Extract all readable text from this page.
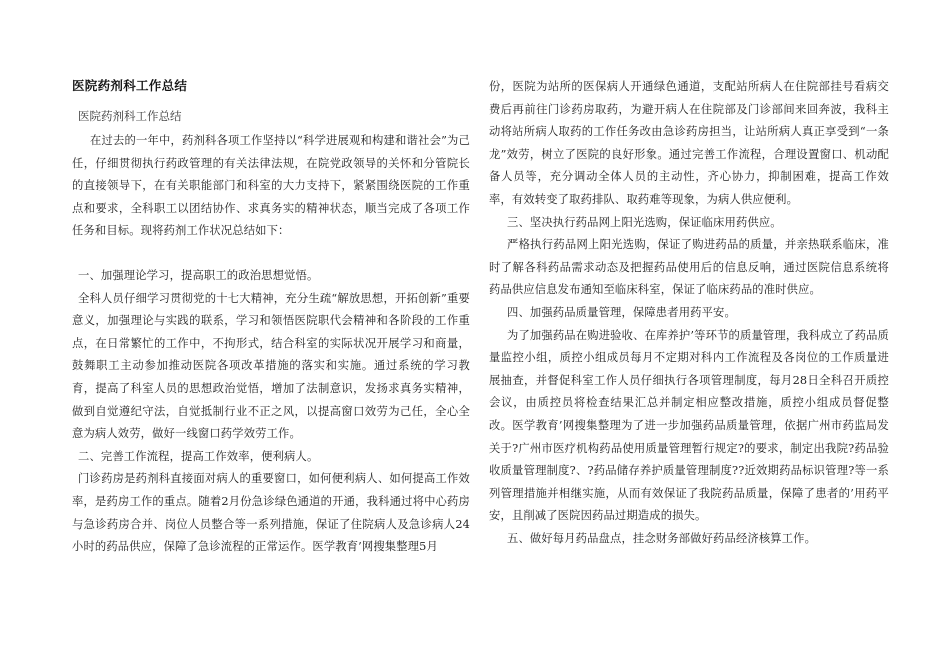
医院药剂科工作总结
医院药剂科工作总结

在过去的一年中，药剂科各项工作坚持以“科学进展观和构建和谐社会”为己任，仔细贯彻执行药政管理的有关法律法规，在院党政领导的关怀和分管院长的直接领导下，在有关职能部门和科室的大力支持下，紧紧围绕医院的工作重点和要求，全科职工以团结协作、求真务实的精神状态，顺当完成了各项工作任务和目标。现将药剂工作状况总结如下：

一、加强理论学习，提高职工的政治思想觉悟。

全科人员仔细学习贯彻党的十七大精神，充分生疏“解放思想，开拓创新”重要意义，加强理论与实践的联系，学习和领悟医院职代会精神和各阶段的工作重点，在日常繁忙的工作中，不拘形式，结合科室的实际状况开展学习和商量，鼓舞职工主动参加推动医院各项改革措施的落实和实施。通过系统的学习教育，提高了科室人员的思想政治觉悟，增加了法制意识，发扬求真务实精神，做到自觉遵纪守法，自觉抵制行业不正之风，以提高窗口效劳为己任，全心全意为病人效劳，做好一线窗口药学效劳工作。

二、完善工作流程，提高工作效率，便利病人。

门诊药房是药剂科直接面对病人的重要窗口，如何便利病人、如何提高工作效率，是药房工作的重点。随着2月份急诊绿色通道的开通，我科通过将中心药房与急诊药房合并、岗位人员整合等一系列措施，保证了住院病人及急诊病人24小时的药品供应，保障了急诊流程的正常运作。医学教育’网搜集整理5月

份，医院为站所的医保病人开通绿色通道，支配站所病人在住院部挂号看病交费后再前往门诊药房取药，为避开病人在住院部及门诊部间来回奔波，我科主动将站所病人取药的工作任务改由急诊药房担当，让站所病人真正享受到“一条龙”效劳，树立了医院的良好形象。通过完善工作流程，合理设置窗口、机动配备人员等，充分调动全体人员的主动性，齐心协力，抑制困难，提高工作效率，有效转变了取药排队、取药难等现象，为病人供应便利。

三、坚决执行药品网上阳光选购，保证临床用药供应。

严格执行药品网上阳光选购，保证了购进药品的质量，并亲热联系临床，准时了解各科药品需求动态及把握药品使用后的信息反响，通过医院信息系统将药品供应信息发布通知至临床科室，保证了临床药品的准时供应。

四、加强药品质量管理，保障患者用药平安。

为了加强药品在购进验收、在库养护’等环节的质量管理，我科成立了药品质量监控小组，质控小组成员每月不定期对科内工作流程及各岗位的工作质量进展抽查，并督促科室工作人员仔细执行各项管理制度，每月28日全科召开质控会议，由质控员将检查结果汇总并制定相应整改措施，质控小组成员督促整改。医学教育’网搜集整理为了进一步加强药品质量管理，依据广州市药监局发关于?广州市医疗机构药品使用质量管理暂行规定?的要求，制定出我院?药品验收质量管理制度?、?药品储存养护质量管理制度??近效期药品标识管理?等一系列管理措施并相继实施，从而有效保证了我院药品质量，保障了患者的’用药平安，且削减了医院因药品过期造成的损失。

五、做好每月药品盘点，挂念财务部做好药品经济核算工作。
